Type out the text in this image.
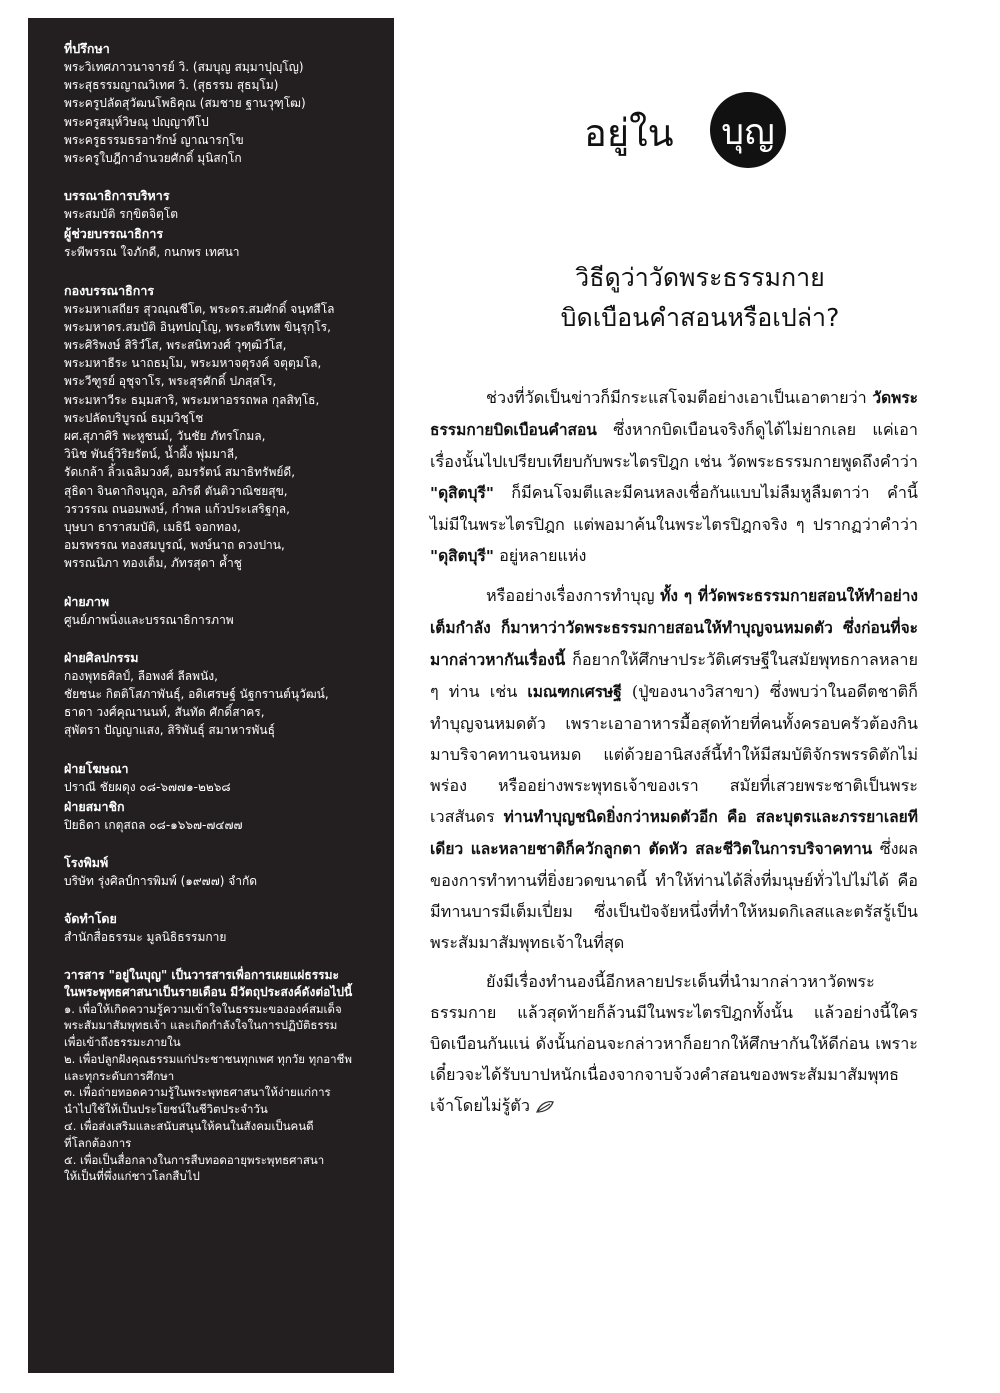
ที่ปรึกษา
พระวิเทศภาวนาจารย์ วิ. (สมบุญ สมฺมาปุญฺโญ)
พระสุธรรมญาณวิเทศ วิ. (สุธรรม สุธมฺโม)
พระครูปลัดสุวัฒนโพธิคุณ (สมชาย ฐานวุฑฺโฒ)
พระครูสมุห์วิษณุ ปญฺญาทีโป
พระครูธรรมธรอารักษ์ ญาณารกฺโข
พระครูใบฎีกาอำนวยศักดิ์ มุนิสกฺโก
บรรณาธิการบริหาร
พระสมบัติ รกฺขิตจิตฺโต
ผู้ช่วยบรรณาธิการ
ระพีพรรณ ใจภักดี, กนกพร เทศนา
กองบรรณาธิการ
พระมหาเสถียร สุวณฺณชีโต, พระดร.สมศักดิ์ จนฺทสีโล
พระมหาดร.สมบัติ อินฺทปญฺโญ, พระตรีเทพ ขินฺรุกฺโร,
พระศิริพงษ์ สิริวํโส, พระสนิทวงศ์ วุฑฺฒิวํโส,
พระมหาธีระ นาถธมฺโม, พระมหาจตุรงค์ จตุตฺมโล,
พระวีฑูรย์ อุชุจาโร, พระสุรศักดิ์ ปภสฺสโร,
พระมหาวีระ ธมฺมสาริ, พระมหาอรรถพล กุลสิทฺโธ,
พระปลัดบริบูรณ์ ธมฺมวิชฺโช
ผศ.สุภาศิริ พะหูชนม์, วันชัย ภัทรโกมล,
วินิช พันธุ์วิริยรัตน์, น้ำผึ้ง พุ่มมาลี,
รัดเกล้า ลิ้วเฉลิมวงศ์, อมรรัตน์ สมาธิทรัพย์ดี,
สุธิดา จินดากิจนุกูล, อภิรดี ตันติวาณิชยสุข,
วรวรรณ ถนอมพงษ์, กำพล แก้วประเสริฐกุล,
บุษบา ธาราสมบัติ, เมธินี จอกทอง,
อมรพรรณ ทองสมบูรณ์, พงษ์นาถ ดวงปาน,
พรรณนิภา ทองเต็ม, ภัทรสุดา ค้ำชู
ฝ่ายภาพ
ศูนย์ภาพนิ่งและบรรณาธิการภาพ
ฝ่ายศิลปกรรม
กองพุทธศิลป์, ลือพงศ์ ลีลพนัง,
ชัยชนะ กิตติโสภาพันธุ์, อดิเศรษฐ์ นัฐกรานต์นุวัฒน์,
ธาดา วงศ์คุณานนท์, สันทัด ศักดิ์สาคร,
สุพัตรา ปัญญาแสง, สิริพันธุ์ สมาหารพันธุ์
ฝ่ายโฆษณา
ปราณี ชัยผดุง ๐๘-๖๗๗๑-๒๒๖๘
ฝ่ายสมาชิก
ปิยธิดา เกตุสถล ๐๘-๑๖๖๗-๗๔๗๗
โรงพิมพ์
บริษัท รุ่งศิลป์การพิมพ์ (๑๙๗๗) จำกัด
จัดทำโดย
สำนักสื่อธรรมะ มูลนิธิธรรมกาย
วารสาร "อยู่ในบุญ" เป็นวารสารเพื่อการเผยแผ่ธรรมะ
ในพระพุทธศาสนาเป็นรายเดือน มีวัตถุประสงค์ดังต่อไปนี้
๑. เพื่อให้เกิดความรู้ความเข้าใจในธรรมะขององค์สมเด็จ
พระสัมมาสัมพุทธเจ้า และเกิดกำลังใจในการปฏิบัติธรรม
เพื่อเข้าถึงธรรมะภายใน
๒. เพื่อปลูกฝังคุณธรรมแก่ประชาชนทุกเพศ ทุกวัย ทุกอาชีพ
และทุกระดับการศึกษา
๓. เพื่อถ่ายทอดความรู้ในพระพุทธศาสนาให้ง่ายแก่การ
นำไปใช้ให้เป็นประโยชน์ในชีวิตประจำวัน
๔. เพื่อส่งเสริมและสนับสนุนให้คนในสังคมเป็นคนดี
ที่โลกต้องการ
๕. เพื่อเป็นสื่อกลางในการสืบทอดอายุพระพุทธศาสนา
ให้เป็นที่พึ่งแก่ชาวโลกสืบไป
อยู่ใน บุญ
วิธีดูว่าวัดพระธรรมกาย
บิดเบือนคำสอนหรือเปล่า?

ช่วงที่วัดเป็นข่าวก็มีกระแสโจมตีอย่างเอาเป็นเอาตายว่า วัดพระธรรมกายบิดเบือนคำสอน ซึ่งหากบิดเบือนจริงก็ดูได้ไม่ยากเลย แค่เอาเรื่องนั้นไปเปรียบเทียบกับพระไตรปิฎก เช่น วัดพระธรรมกายพูดถึงคำว่า "ดุสิตบุรี" ก็มีคนโจมตีและมีคนหลงเชื่อกันแบบไม่ลืมหูลืมตาว่า คำนี้ไม่มีในพระไตรปิฎก แต่พอมาค้นในพระไตรปิฎกจริง ๆ ปรากฏว่าคำว่า "ดุสิตบุรี" อยู่หลายแห่ง

หรืออย่างเรื่องการทำบุญ ทั้ง ๆ ที่วัดพระธรรมกายสอนให้ทำอย่างเต็มกำลัง ก็มาหาว่าวัดพระธรรมกายสอนให้ทำบุญจนหมดตัว ซึ่งก่อนที่จะมากล่าวหากันเรื่องนี้ ก็อยากให้ศึกษาประวัติเศรษฐีในสมัยพุทธกาลหลาย ๆ ท่าน เช่น เมณฑกเศรษฐี (ปู่ของนางวิสาขา) ซึ่งพบว่าในอดีตชาติก็ทำบุญจนหมดตัว เพราะเอาอาหารมื้อสุดท้ายที่คนทั้งครอบครัวต้องกินมาบริจาคทานจนหมด แต่ด้วยอานิสงส์นี้ทำให้มีสมบัติจักรพรรดิตักไม่พร่อง หรืออย่างพระพุทธเจ้าของเรา สมัยที่เสวยพระชาติเป็นพระเวสสันดร ท่านทำบุญชนิดยิ่งกว่าหมดตัวอีก คือ สละบุตรและภรรยาเลยทีเดียว และหลายชาติก็ควักลูกตา ตัดหัว สละชีวิตในการบริจาคทาน ซึ่งผลของการทำทานที่ยิ่งยวดขนาดนี้ ทำให้ท่านได้สิ่งที่มนุษย์ทั่วไปไม่ได้ คือ มีทานบารมีเต็มเปี่ยม ซึ่งเป็นปัจจัยหนึ่งที่ทำให้หมดกิเลสและตรัสรู้เป็นพระสัมมาสัมพุทธเจ้าในที่สุด

ยังมีเรื่องทำนองนี้อีกหลายประเด็นที่นำมากล่าวหาวัดพระธรรมกาย แล้วสุดท้ายก็ล้วนมีในพระไตรปิฎกทั้งนั้น แล้วอย่างนี้ใครบิดเบือนกันแน่ ดังนั้นก่อนจะกล่าวหาก็อยากให้ศึกษากันให้ดีก่อน เพราะเดี๋ยวจะได้รับบาปหนักเนื่องจากจาบจ้วงคำสอนของพระสัมมาสัมพุทธเจ้าโดยไม่รู้ตัว
